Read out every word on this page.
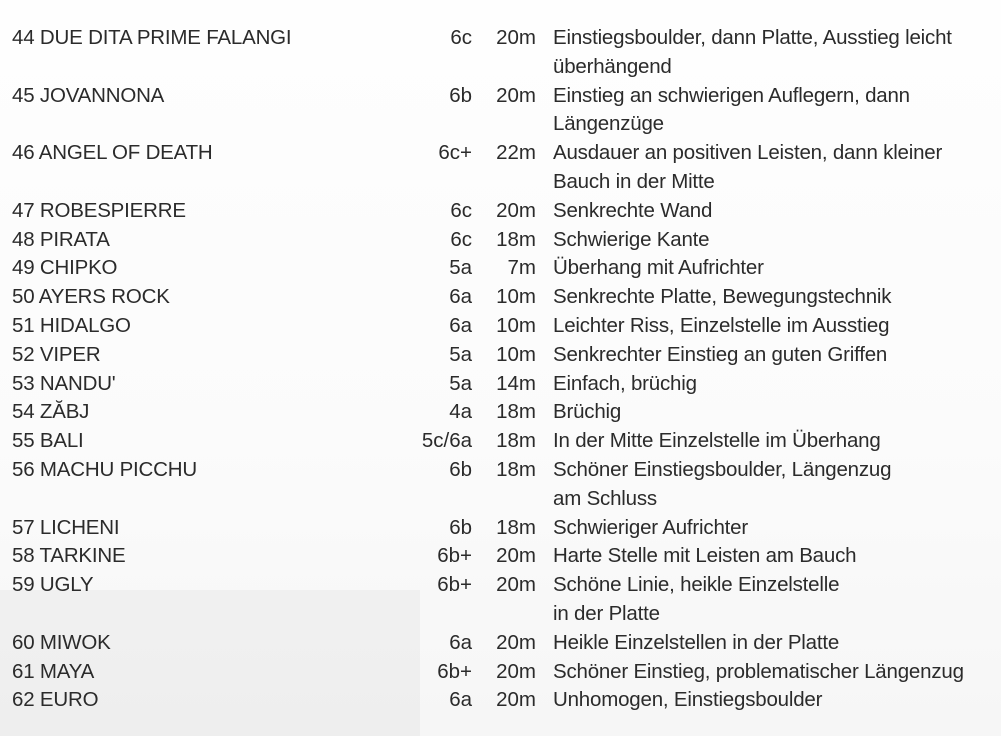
44 DUE DITA PRIME FALANGI	6c	20m Einstiegsboulder, dann Platte, Ausstieg leicht
überhängend
45 JOVANNONA	6b	20m Einstieg an schwierigen Auflegern, dann
Längenzüge
46 ANGEL OF DEATH	6c+	22m Ausdauer an positiven Leisten, dann kleiner
Bauch in der Mitte
47 ROBESPIERRE	6c	20m Senkrechte Wand
48 PIRATA	6c	18m Schwierige Kante
49 CHIPKO	5a	7m Überhang mit Aufrichter
50 AYERS ROCK	6a	10m Senkrechte Platte, Bewegungstechnik
51 HIDALGO	6a	10m Leichter Riss, Einzelstelle im Ausstieg
52 VIPER	5a	10m Senkrechter Einstieg an guten Griffen
53 NANDU'	5a	14m Einfach, brüchig
54 ZĂBJ	4a	18m Brüchig
55 BALI	5c/6a	18m In der Mitte Einzelstelle im Überhang
56 MACHU PICCHU	6b	18m Schöner Einstiegsboulder, Längenzug
am Schluss
57 LICHENI	6b	18m Schwieriger Aufrichter
58 TARKINE	6b+	20m Harte Stelle mit Leisten am Bauch
59 UGLY	6b+	20m Schöne Linie, heikle Einzelstelle
in der Platte
60 MIWOK	6a	20m Heikle Einzelstellen in der Platte
61 MAYA	6b+	20m Schöner Einstieg, problematischer Längenzug
62 EURO	6a	20m Unhomogen, Einstiegsboulder
